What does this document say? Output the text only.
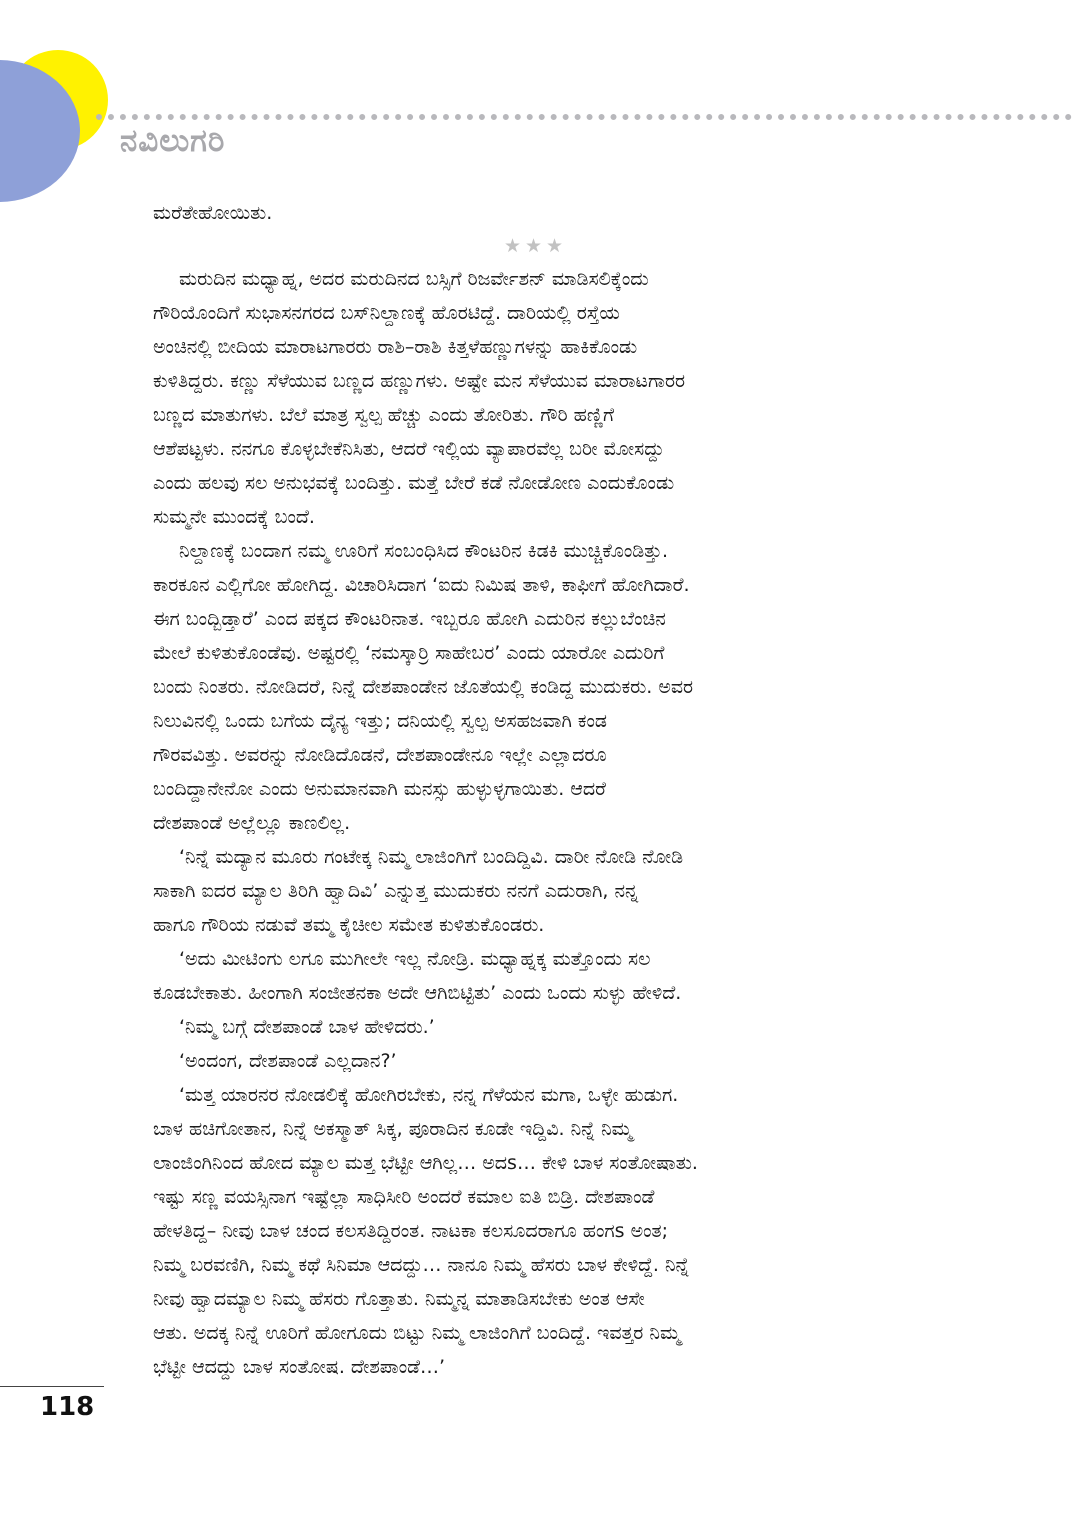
ನವಿಲುಗರಿ

ಮರೆತೇಹೋಯಿತು.

★★★

ಮರುದಿನ ಮಧ್ಯಾಹ್ನ, ಅದರ ಮರುದಿನದ ಬಸ್ಸಿಗೆ ರಿಜರ್ವೇಶನ್ ಮಾಡಿಸಲಿಕ್ಕೆಂದು

ಗೌರಿಯೊಂದಿಗೆ ಸುಭಾಸನಗರದ ಬಸ್‌ನಿಲ್ದಾಣಕ್ಕೆ ಹೊರಟಿದ್ದೆ. ದಾರಿಯಲ್ಲಿ ರಸ್ತೆಯ

ಅಂಚಿನಲ್ಲಿ ಬೀದಿಯ ಮಾರಾಟಗಾರರು ರಾಶಿ–ರಾಶಿ ಕಿತ್ತಳೆಹಣ್ಣುಗಳನ್ನು ಹಾಕಿಕೊಂಡು

ಕುಳಿತಿದ್ದರು. ಕಣ್ಣು ಸೆಳೆಯುವ ಬಣ್ಣದ ಹಣ್ಣುಗಳು. ಅಷ್ಟೇ ಮನ ಸೆಳೆಯುವ ಮಾರಾಟಗಾರರ

ಬಣ್ಣದ ಮಾತುಗಳು. ಬೆಲೆ ಮಾತ್ರ ಸ್ವಲ್ಪ ಹೆಚ್ಚು ಎಂದು ತೋರಿತು. ಗೌರಿ ಹಣ್ಣಿಗೆ

ಆಶೆಪಟ್ಟಳು. ನನಗೂ ಕೊಳ್ಳಬೇಕೆನಿಸಿತು, ಆದರೆ ಇಲ್ಲಿಯ ವ್ಯಾಪಾರವೆಲ್ಲ ಬರೀ ಮೋಸದ್ದು

ಎಂದು ಹಲವು ಸಲ ಅನುಭವಕ್ಕೆ ಬಂದಿತ್ತು. ಮತ್ತೆ ಬೇರೆ ಕಡೆ ನೋಡೋಣ ಎಂದುಕೊಂಡು

ಸುಮ್ಮನೇ ಮುಂದಕ್ಕೆ ಬಂದೆ.

ನಿಲ್ದಾಣಕ್ಕೆ ಬಂದಾಗ ನಮ್ಮ ಊರಿಗೆ ಸಂಬಂಧಿಸಿದ ಕೌಂಟರಿನ ಕಿಡಕಿ ಮುಚ್ಚಿಕೊಂಡಿತ್ತು.

ಕಾರಕೂನ ಎಲ್ಲಿಗೋ ಹೋಗಿದ್ದ. ವಿಚಾರಿಸಿದಾಗ ‘ಐದು ನಿಮಿಷ ತಾಳಿ, ಕಾಫೀಗೆ ಹೋಗಿದಾರೆ.

ಈಗ ಬಂದ್ಬಿಡ್ತಾರೆ’ ಎಂದ ಪಕ್ಕದ ಕೌಂಟರಿನಾತ. ಇಬ್ಬರೂ ಹೋಗಿ ಎದುರಿನ ಕಲ್ಲುಬೆಂಚಿನ

ಮೇಲೆ ಕುಳಿತುಕೊಂಡೆವು. ಅಷ್ಟರಲ್ಲಿ ‘ನಮಸ್ಕಾರ್ರಿ ಸಾಹೇಬರ’ ಎಂದು ಯಾರೋ ಎದುರಿಗೆ

ಬಂದು ನಿಂತರು. ನೋಡಿದರೆ, ನಿನ್ನೆ ದೇಶಪಾಂಡೇನ ಜೊತೆಯಲ್ಲಿ ಕಂಡಿದ್ದ ಮುದುಕರು. ಅವರ

ನಿಲುವಿನಲ್ಲಿ ಒಂದು ಬಗೆಯ ದೈನ್ಯ ಇತ್ತು; ದನಿಯಲ್ಲಿ ಸ್ವಲ್ಪ ಅಸಹಜವಾಗಿ ಕಂಡ

ಗೌರವವಿತ್ತು. ಅವರನ್ನು ನೋಡಿದೊಡನೆ, ದೇಶಪಾಂಡೇನೂ ಇಲ್ಲೇ ಎಲ್ಲಾದರೂ

ಬಂದಿದ್ದಾನೇನೋ ಎಂದು ಅನುಮಾನವಾಗಿ ಮನಸ್ಸು ಹುಳ್ಳುಳ್ಳಗಾಯಿತು. ಆದರೆ

ದೇಶಪಾಂಡೆ ಅಲ್ಲೆಲ್ಲೂ ಕಾಣಲಿಲ್ಲ.

‘ನಿನ್ನೆ ಮದ್ಯಾನ ಮೂರು ಗಂಟೇಕ್ಕ ನಿಮ್ಮ ಲಾಜಿಂಗಿಗೆ ಬಂದಿದ್ದಿವಿ. ದಾರೀ ನೋಡಿ ನೋಡಿ

ಸಾಕಾಗಿ ಐದರ ಮ್ಯಾಲ ತಿರಿಗಿ ಹ್ವಾದಿವಿ’ ಎನ್ನುತ್ತ ಮುದುಕರು ನನಗೆ ಎದುರಾಗಿ, ನನ್ನ

ಹಾಗೂ ಗೌರಿಯ ನಡುವೆ ತಮ್ಮ ಕೈಚೀಲ ಸಮೇತ ಕುಳಿತುಕೊಂಡರು.

‘ಅದು ಮೀಟಿಂಗು ಲಗೂ ಮುಗೀಲೇ ಇಲ್ಲ ನೋಡ್ರಿ. ಮಧ್ಯಾಹ್ನಕ್ಕ ಮತ್ತೊಂದು ಸಲ

ಕೂಡಬೇಕಾತು. ಹೀಂಗಾಗಿ ಸಂಜೀತನಕಾ ಅದೇ ಆಗಿಬಿಟ್ಟಿತು’ ಎಂದು ಒಂದು ಸುಳ್ಳು ಹೇಳಿದೆ.

‘ನಿಮ್ಮ ಬಗ್ಗೆ ದೇಶಪಾಂಡೆ ಬಾಳ ಹೇಳಿದರು.’

‘ಅಂದಂಗ, ದೇಶಪಾಂಡೆ ಎಲ್ಲದಾನ?’

‘ಮತ್ತ ಯಾರನರ ನೋಡಲಿಕ್ಕೆ ಹೋಗಿರಬೇಕು, ನನ್ನ ಗೆಳೆಯನ ಮಗಾ, ಒಳ್ಳೇ ಹುಡುಗ.

ಬಾಳ ಹಚಿಗೋತಾನ, ನಿನ್ನೆ ಅಕಸ್ಮಾತ್ ಸಿಕ್ಕ, ಪೂರಾದಿನ ಕೂಡೇ ಇದ್ದಿವಿ. ನಿನ್ನೆ ನಿಮ್ಮ

ಲಾಂಜಿಂಗಿನಿಂದ ಹೋದ ಮ್ಯಾಲ ಮತ್ತ ಭೆಟ್ಟೀ ಆಗಿಲ್ಲ… ಅದs… ಕೇಳಿ ಬಾಳ ಸಂತೋಷಾತು.

ಇಷ್ಟು ಸಣ್ಣ ವಯಸ್ಸಿನಾಗ ಇಷ್ಟೆಲ್ಲಾ ಸಾಧಿಸೀರಿ ಅಂದರೆ ಕಮಾಲ ಐತಿ ಬಿಡ್ರಿ. ದೇಶಪಾಂಡೆ

ಹೇಳತಿದ್ದ– ನೀವು ಬಾಳ ಚಂದ ಕಲಸತಿದ್ದಿರಂತ. ನಾಟಕಾ ಕಲಸೂದರಾಗೂ ಹಂಗs ಅಂತ;

ನಿಮ್ಮ ಬರವಣಿಗಿ, ನಿಮ್ಮ ಕಥೆ ಸಿನಿಮಾ ಆದದ್ದು… ನಾನೂ ನಿಮ್ಮ ಹೆಸರು ಬಾಳ ಕೇಳಿದ್ದೆ. ನಿನ್ನೆ

ನೀವು ಹ್ವಾದಮ್ಯಾಲ ನಿಮ್ಮ ಹೆಸರು ಗೊತ್ತಾತು. ನಿಮ್ಮನ್ನ ಮಾತಾಡಿಸಬೇಕು ಅಂತ ಆಸೇ

ಆತು. ಅದಕ್ಕ ನಿನ್ನೆ ಊರಿಗೆ ಹೋಗೂದು ಬಿಟ್ಟು ನಿಮ್ಮ ಲಾಜಿಂಗಿಗೆ ಬಂದಿದ್ದೆ. ಇವತ್ತರ ನಿಮ್ಮ

ಭೆಟ್ಟೀ ಆದದ್ದು ಬಾಳ ಸಂತೋಷ. ದೇಶಪಾಂಡೆ…’

118
